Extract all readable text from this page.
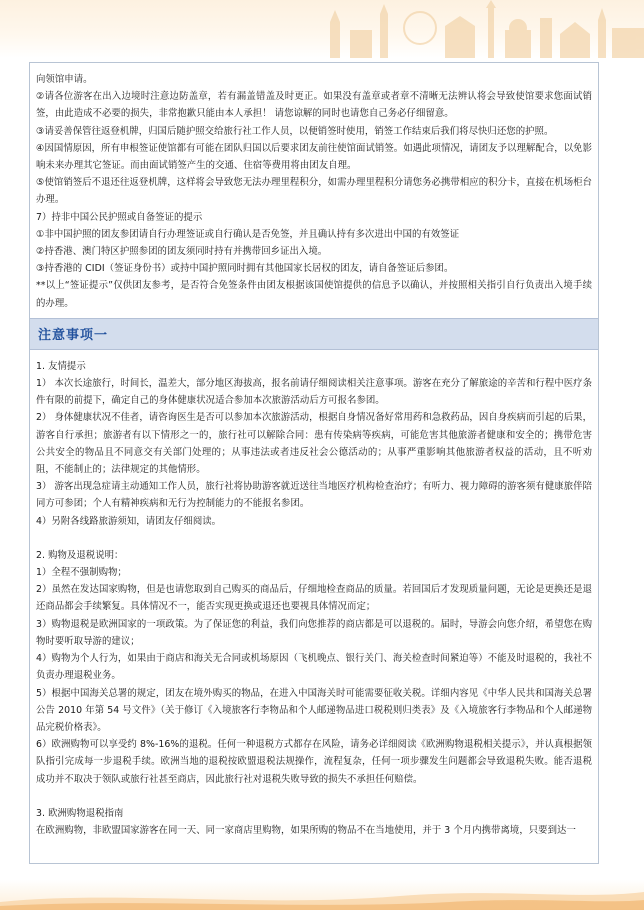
向领馆申请。

②请各位游客在出入边境时注意边防盖章，若有漏盖错盖及时更正。如果没有盖章或者章不清晰无法辨认将会导致使馆要求您面试销签，由此造成不必要的损失，非常抱歉只能由本人承担！ 请您谅解的同时也请您自己务必仔细留意。

③请妥善保管往返登机牌，归国后随护照交给旅行社工作人员，以便销签时使用，销签工作结束后我们将尽快归还您的护照。

④因国情原因，所有申根签证使馆都有可能在团队归国以后要求团友前往使馆面试销签。如遇此项情况，请团友予以理解配合，以免影响未来办理其它签证。而由面试销签产生的交通、住宿等费用将由团友自理。

⑤使馆销签后不退还往返登机牌，这样将会导致您无法办理里程积分，如需办理里程积分请您务必携带相应的积分卡，直接在机场柜台办理。

7）持非中国公民护照或自备签证的提示

①非中国护照的团友参团请自行办理签证或自行确认是否免签，并且确认持有多次进出中国的有效签证

②持香港、澳门特区护照参团的团友须同时持有并携带回乡证出入境。

③持香港的 CIDI（签证身份书）或持中国护照同时拥有其他国家长居权的团友，请自备签证后参团。

**以上“签证提示”仅供团友参考，是否符合免签条件由团友根据该国使馆提供的信息予以确认，并按照相关指引自行负责出入境手续的办理。

注意事项一

1. 友情提示

1） 本次长途旅行，时间长，温差大，部分地区海拔高，报名前请仔细阅读相关注意事项。游客在充分了解旅途的辛苦和行程中医疗条件有限的前提下，确定自己的身体健康状况适合参加本次旅游活动后方可报名参团。

2） 身体健康状况不佳者，请咨询医生是否可以参加本次旅游活动，根据自身情况备好常用药和急救药品，因自身疾病而引起的后果，游客自行承担；旅游者有以下情形之一的，旅行社可以解除合同：患有传染病等疾病，可能危害其他旅游者健康和安全的；携带危害公共安全的物品且不同意交有关部门处理的；从事违法或者违反社会公德活动的；从事严重影响其他旅游者权益的活动，且不听劝阻，不能制止的；法律规定的其他情形。

3） 游客出现急症请主动通知工作人员，旅行社将协助游客就近送往当地医疗机构检查治疗；有听力、视力障碍的游客须有健康旅伴陪同方可参团；个人有精神疾病和无行为控制能力的不能报名参团。

4）另附各线路旅游须知，请团友仔细阅读。

2. 购物及退税说明：

1）全程不强制购物；

2）虽然在发达国家购物，但是也请您取到自己购买的商品后，仔细地检查商品的质量。若回国后才发现质量问题，无论是更换还是退还商品都会手续繁复。具体情况不一，能否实现更换或退还也要视具体情况而定；

3）购物退税是欧洲国家的一项政策。为了保证您的利益，我们向您推荐的商店都是可以退税的。届时，导游会向您介绍，希望您在购物时要听取导游的建议；

4）购物为个人行为，如果由于商店和海关无合同或机场原因（飞机晚点、银行关门、海关检查时间紧迫等）不能及时退税的，我社不负责办理退税业务。

5）根据中国海关总署的规定，团友在境外购买的物品，在进入中国海关时可能需要征收关税。详细内容见《中华人民共和国海关总署公告 2010 年第 54 号文件》（关于修订《入境旅客行李物品和个人邮递物品进口税税则归类表》及《入境旅客行李物品和个人邮递物品完税价格表》。

6）欧洲购物可以享受约 8%-16%的退税。任何一种退税方式都存在风险，请务必详细阅读《欧洲购物退税相关提示》，并认真根据领队指引完成每一步退税手续。欧洲当地的退税按欧盟退税法规操作，流程复杂，任何一项步骤发生问题都会导致退税失败。能否退税成功并不取决于领队或旅行社甚至商店，因此旅行社对退税失败导致的损失不承担任何赔偿。

3. 欧洲购物退税指南

在欧洲购物，非欧盟国家游客在同一天、同一家商店里购物，如果所购的物品不在当地使用，并于 3 个月内携带离境，只要到达一
